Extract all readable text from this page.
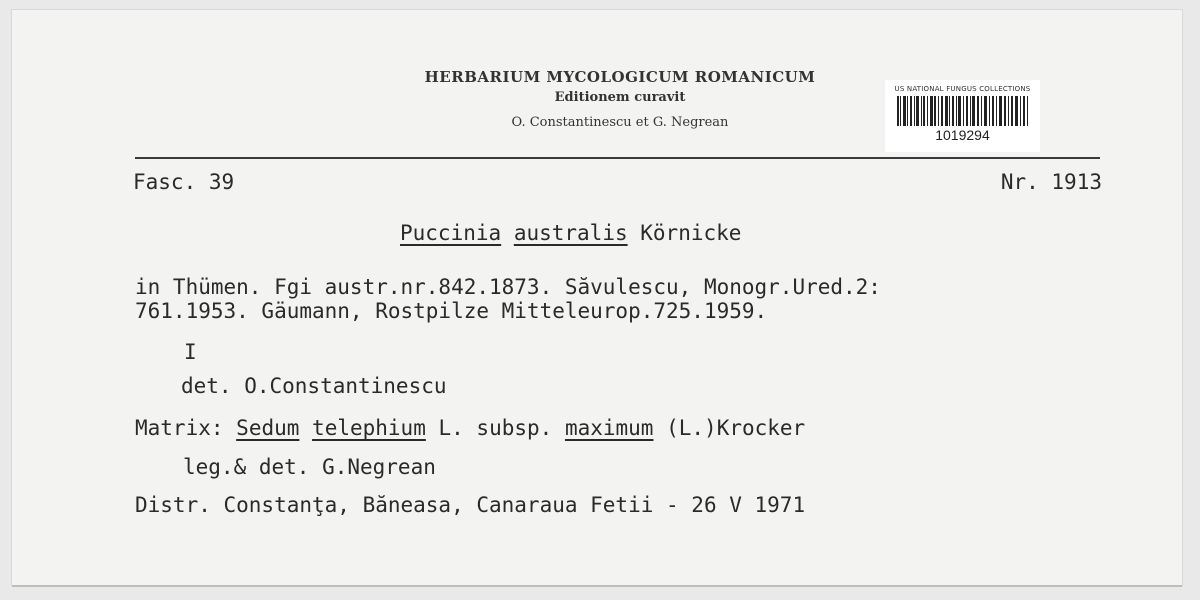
HERBARIUM MYCOLOGICUM ROMANICUM
Editionem curavit
O. Constantinescu et G. Negrean
US NATIONAL FUNGUS COLLECTIONS
1019294
Fasc. 39	Nr. 1913
Puccinia australis Körnicke
in Thümen. Fgi austr.nr.842.1873. Săvulescu, Monogr.Ured.2:
761.1953. Gäumann, Rostpilze Mitteleurop.725.1959.
I
det. O.Constantinescu
Matrix: Sedum telephium L. subsp. maximum (L.)Krocker
leg.& det. G.Negrean
Distr. Constanţa, Băneasa, Canaraua Fetii - 26 V 1971
